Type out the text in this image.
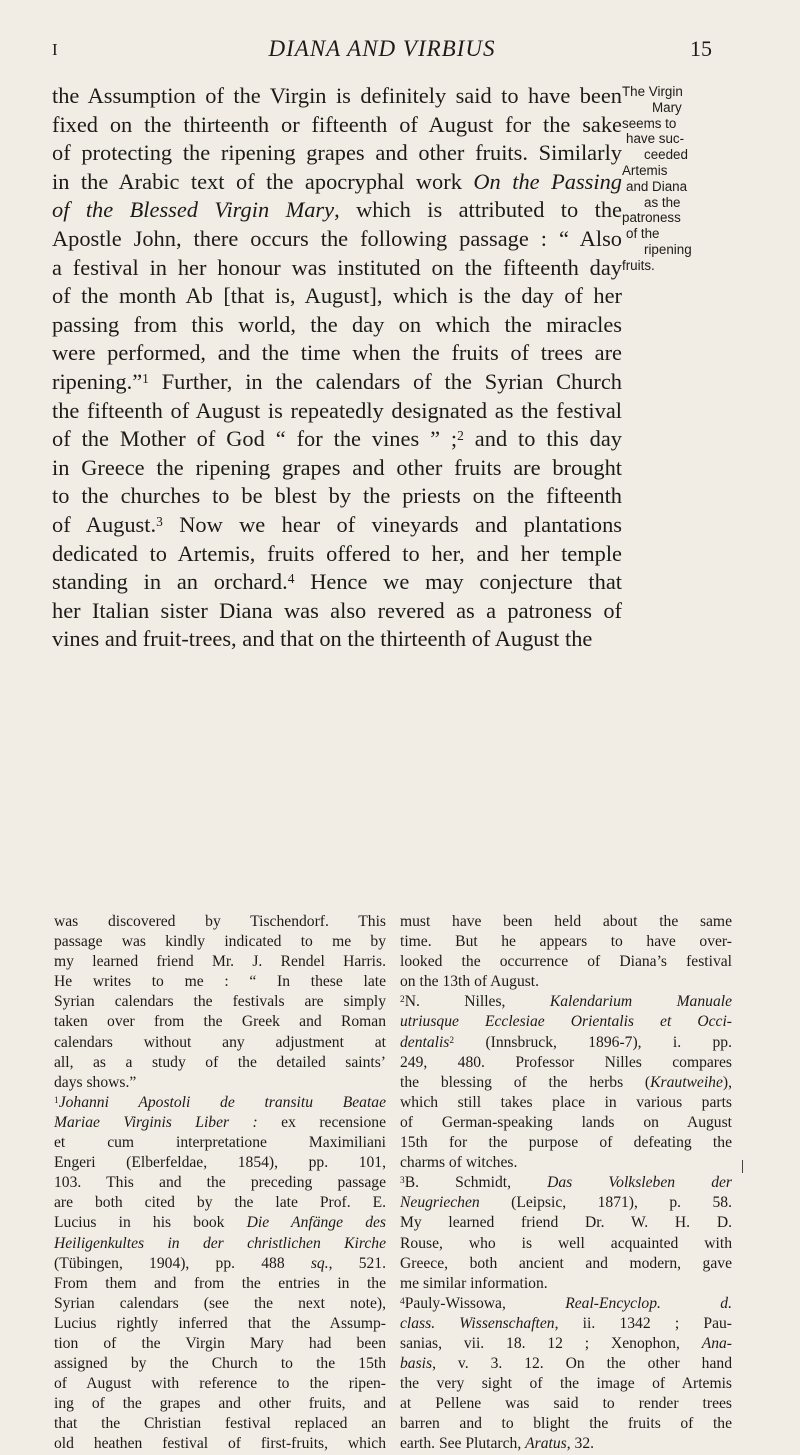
I	DIANA AND VIRBIUS	15
the Assumption of the Virgin is definitely said to have been
fixed on the thirteenth or fifteenth of August for the sake
of protecting the ripening grapes and other fruits. Similarly
in the Arabic text of the apocryphal work On the Passing
of the Blessed Virgin Mary, which is attributed to the
Apostle John, there occurs the following passage : “ Also
a festival in her honour was instituted on the fifteenth day
of the month Ab [that is, August], which is the day of her
passing from this world, the day on which the miracles
were performed, and the time when the fruits of trees are
ripening.”$^1$ Further, in the calendars of the Syrian Church
the fifteenth of August is repeatedly designated as the festival
of the Mother of God “ for the vines ” ;$^2$ and to this day
in Greece the ripening grapes and other fruits are brought
to the churches to be blest by the priests on the fifteenth
of August.$^3$ Now we hear of vineyards and plantations
dedicated to Artemis, fruits offered to her, and her temple
standing in an orchard.$^4$ Hence we may conjecture that
her Italian sister Diana was also revered as a patroness of
vines and fruit-trees, and that on the thirteenth of August the
The Virgin
Mary
seems to
have suc-
ceeded
Artemis
and Diana
as the
patroness
of the
ripening
fruits.
was discovered by Tischendorf. This
passage was kindly indicated to me by
my learned friend Mr. J. Rendel Harris.
He writes to me : “ In these late
Syrian calendars the festivals are simply
taken over from the Greek and Roman
calendars without any adjustment at
all, as a study of the detailed saints’
days shows.”
$^1$Johanni Apostoli de transitu Beatae
Mariae Virginis Liber : ex recensione
et cum interpretatione Maximiliani
Engeri (Elberfeldae, 1854), pp. 101,
103. This and the preceding passage
are both cited by the late Prof. E.
Lucius in his book Die Anfänge des
Heiligenkultes in der christlichen Kirche
(Tübingen, 1904), pp. 488 sq., 521.
From them and from the entries in the
Syrian calendars (see the next note),
Lucius rightly inferred that the Assump-
tion of the Virgin Mary had been
assigned by the Church to the 15th
of August with reference to the ripen-
ing of the grapes and other fruits, and
that the Christian festival replaced an
old heathen festival of first-fruits, which
must have been held about the same
time. But he appears to have over-
looked the occurrence of Diana’s festival
on the 13th of August.
$^2$N. Nilles, Kalendarium Manuale
utriusque Ecclesiae Orientalis et Occi-
dentalis$^2$ (Innsbruck, 1896-7), i. pp.
249, 480. Professor Nilles compares
the blessing of the herbs (Krautweihe),
which still takes place in various parts
of German-speaking lands on August
15th for the purpose of defeating the
charms of witches.
$^3$B. Schmidt, Das Volksleben der
Neugriechen (Leipsic, 1871), p. 58.
My learned friend Dr. W. H. D.
Rouse, who is well acquainted with
Greece, both ancient and modern, gave
me similar information.
$^4$Pauly-Wissowa, Real-Encyclop. d.
class. Wissenschaften, ii. 1342 ; Pau-
sanias, vii. 18. 12 ; Xenophon, Ana-
basis, v. 3. 12. On the other hand
the very sight of the image of Artemis
at Pellene was said to render trees
barren and to blight the fruits of the
earth. See Plutarch, Aratus, 32.
